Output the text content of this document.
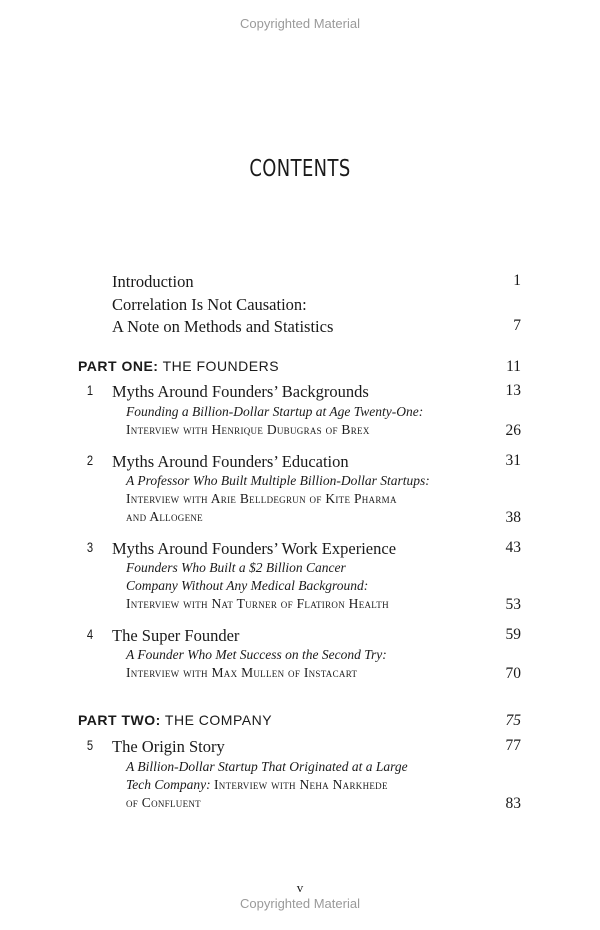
Copyrighted Material
CONTENTS
Introduction	1
Correlation Is Not Causation:
A Note on Methods and Statistics	7
PART ONE: THE FOUNDERS	11
1 Myths Around Founders’ Backgrounds	13
Founding a Billion-Dollar Startup at Age Twenty-One:
Interview with Henrique Dubugras of Brex	26
2 Myths Around Founders’ Education	31
A Professor Who Built Multiple Billion-Dollar Startups:
Interview with Arie Belldegrun of Kite Pharma
and Allogene	38
3 Myths Around Founders’ Work Experience	43
Founders Who Built a $2 Billion Cancer
Company Without Any Medical Background:
Interview with Nat Turner of Flatiron Health	53
4 The Super Founder	59
A Founder Who Met Success on the Second Try:
Interview with Max Mullen of Instacart	70
PART TWO: THE COMPANY	75
5 The Origin Story	77
A Billion-Dollar Startup That Originated at a Large
Tech Company: Interview with Neha Narkhede
of Confluent	83
v
Copyrighted Material
